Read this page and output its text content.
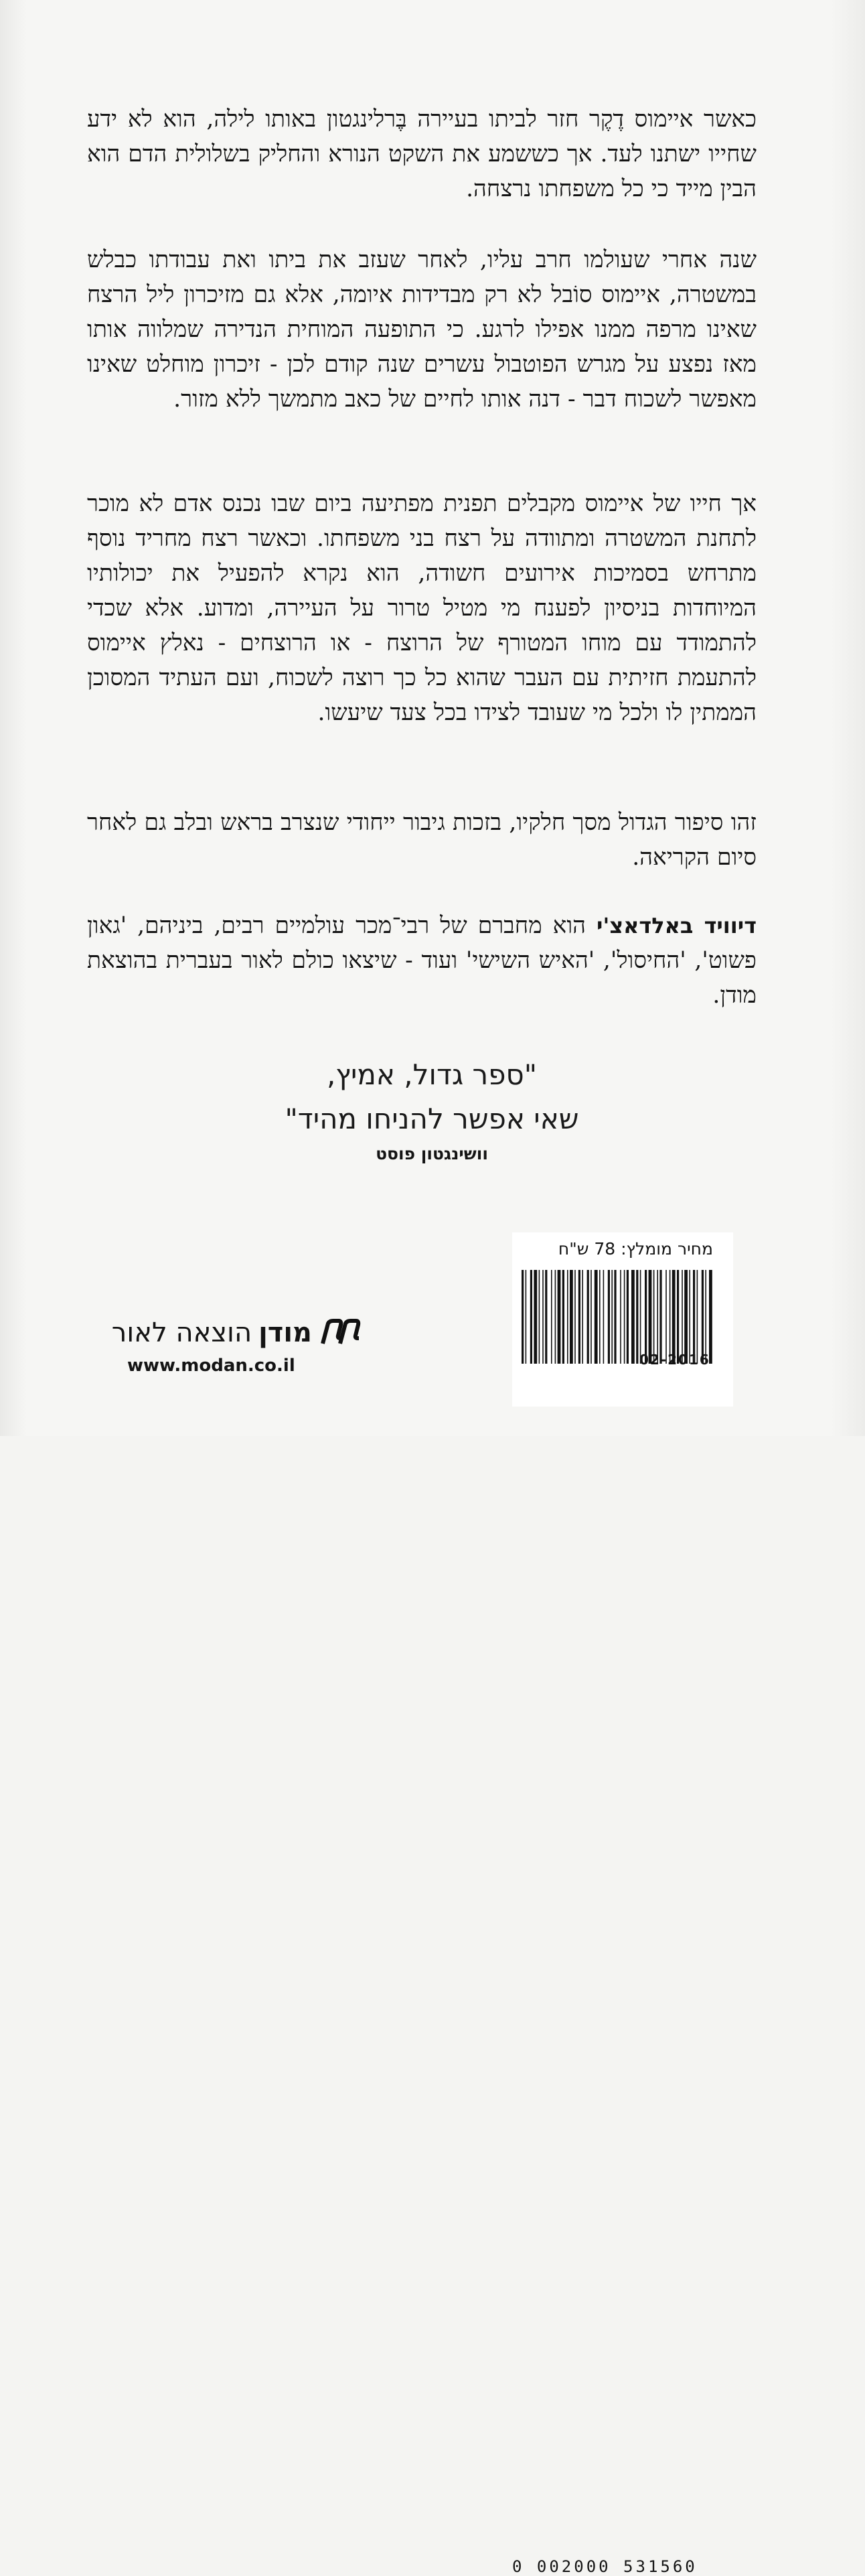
כאשר איימוס דֶקֶר חזר לביתו בעיירה בֶּרלינגטון באותו לילה, הוא לא ידע שחייו ישתנו לעד. אך כששמע את השקט הנורא והחליק בשלולית הדם הוא הבין מייד כי כל משפחתו נרצחה.

שנה אחרי שעולמו חרב עליו, לאחר שעזב את ביתו ואת עבודתו כבלש במשטרה, איימוס סוֹבל לא רק מבדידות איומה, אלא גם מזיכרון ליל הרצח שאינו מרפה ממנו אפילו לרגע. כי התופעה המוחית הנדירה שמלווה אותו מאז נפצע על מגרש הפוטבול עשרים שנה קודם לכן - זיכרון מוחלט שאינו מאפשר לשכוח דבר - דנה אותו לחיים של כאב מתמשך ללא מזור.

אך חייו של איימוס מקבלים תפנית מפתיעה ביום שבו נכנס אדם לא מוכר לתחנת המשטרה ומתוודה על רצח בני משפחתו. וכאשר רצח מחריד נוסף מתרחש בסמיכות אירועים חשודה, הוא נקרא להפעיל את יכולותיו המיוחדות בניסיון לפענח מי מטיל טרור על העיירה, ומדוע. אלא שכדי להתמודד עם מוחו המטורף של הרוצח - או הרוצחים - נאלץ איימוס להתעמת חזיתית עם העבר שהוא כל כך רוצה לשכוח, ועם העתיד המסוכן הממתין לו ולכל מי שעובד לצידו בכל צעד שיעשו.

זהו סיפור הגדול מסך חלקיו, בזכות גיבור ייחודי שנצרב בראש ובלב גם לאחר סיום הקריאה.

דיוויד באלדאצ'י הוא מחברם של רבי־מכר עולמיים רבים, ביניהם, 'גאון פשוט', 'החיסול', 'האיש השישי' ועוד - שיצאו כולם לאור בעברית בהוצאת מודן.

"ספר גדול, אמיץ,
שאי אפשר להניחו מהיד"
וושינגטון פוסט
מחיר מומלץ: 78 ש"ח
0 002000 531560
02-2016
מודן
הוצאה לאור
www.modan.co.il
